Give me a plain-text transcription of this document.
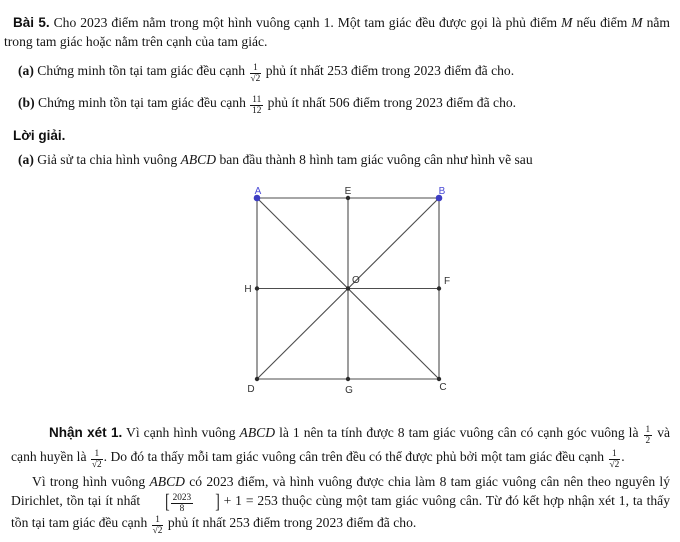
Bài 5. Cho 2023 điểm nằm trong một hình vuông cạnh 1. Một tam giác đều được gọi là phủ điểm M nếu điểm M nằm trong tam giác hoặc nằm trên cạnh của tam giác.

(a) Chứng minh tồn tại tam giác đều cạnh $\frac{1}{√2}$ phủ ít nhất 253 điểm trong 2023 điểm đã cho.

(b) Chứng minh tồn tại tam giác đều cạnh $\frac{11}{12}$ phủ ít nhất 506 điểm trong 2023 điểm đã cho.

Lời giải.

(a) Giả sử ta chia hình vuông ABCD ban đầu thành 8 hình tam giác vuông cân như hình vẽ sau

A	E	B
H
O	F
D	G	C

Nhận xét 1. Vì cạnh hình vuông ABCD là 1 nên ta tính được 8 tam giác vuông cân có cạnh góc vuông là $\frac{1}{2}$ và cạnh huyền là $\frac{1}{√2}$ . Do đó ta thấy mỗi tam giác vuông cân trên đều có thể được phủ bởi một tam giác đều cạnh $\frac{1}{√2}$ .

Vì trong hình vuông ABCD có 2023 điểm, và hình vuông được chia làm 8 tam giác vuông cân nên theo nguyên lý Dirichlet, tồn tại ít nhất [ $\frac{2023}{8}$ ] + 1 = 253 thuộc cùng một tam giác vuông cân. Từ đó kết hợp nhận xét 1, ta thấy tồn tại tam giác đều cạnh $\frac{1}{√2}$ phủ ít nhất 253 điểm trong 2023 điểm đã cho.
